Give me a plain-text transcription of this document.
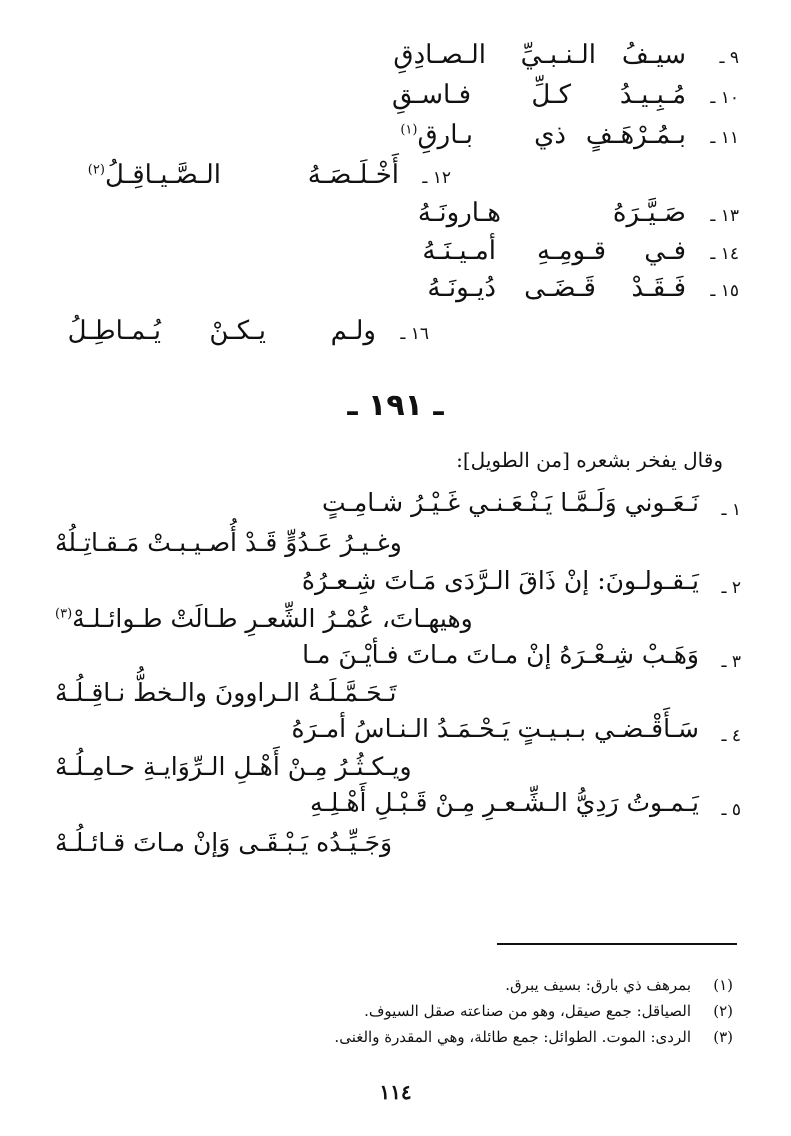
٩ ـ
سيـفُ
الـنـبـيِّ
الـصـادِقِ
١٠ ـ
مُـبِـيـدُ
كـلِّ
فـاسـقِ
١١ ـ
بـمُـرْهَـفٍ
ذي
بـارقِ$^{(١)}$
١٢ ـ
أَخْـلَـصَـهُ
الـصَّـيـاقِـلُ$^{(٢)}$
١٣ ـ
صَـيَّـرَهُ
هـارونَـهُ
١٤ ـ
فـي
قـومِـهِ
أمـيـنَـهُ
١٥ ـ
فَـقَـدْ
قَـضَـى
دُيـونَـهُ
١٦ ـ
ولـم
يـكـنْ
يُـمـاطِـلُ
ـ ١٩١ ـ
وقال يفخر بشعره [من الطويل]:
١ ـ
نَـعَـوني وَلَـمَّـا يَـنْـعَـنـي غَـيْـرُ شـامِـتٍ
وغـيـرُ عَـدُوٍّ قَـدْ أُصـيـبـتْ مَـقـاتِـلُهْ
٢ ـ
يَـقـولـونَ: إنْ ذَاقَ الـرَّدَى مَـاتَ شِـعـرُهُ
وهيهـاتَ، عُمْـرُ الشِّعـرِ طـالَتْ طـوائـلـهْ$^{(٣)}$
٣ ـ
وَهَـبْ شِـعْـرَهُ إنْ مـاتَ مـاتَ فـأيْـنَ مـا
تَـحَـمَّـلَـهُ الـراوونَ والـخطُّ نـاقِـلُـهْ
٤ ـ
سَـأَقْـضـي بـبـيـتٍ يَـحْـمَـدُ الـنـاسُ أمـرَهُ
ويـكـثُـرُ مِـنْ أَهْـلِ الـرِّوَايـةِ حـامِـلُـهْ
٥ ـ
يَـمـوتُ رَدِيُّ الـشِّـعـرِ مِـنْ قَـبْـلِ أَهْـلِـهِ
وَجَـيِّـدُه يَـبْـقَـى وَإنْ مـاتَ قـائـلُـهْ
(١)
بمرهف ذي بارق: بسيف يبرق.
(٢)
الصياقل: جمع صيقل، وهو من صناعته صقل السيوف.
(٣)
الردى: الموت. الطوائل: جمع طائلة، وهي المقدرة والغنى.
١١٤
